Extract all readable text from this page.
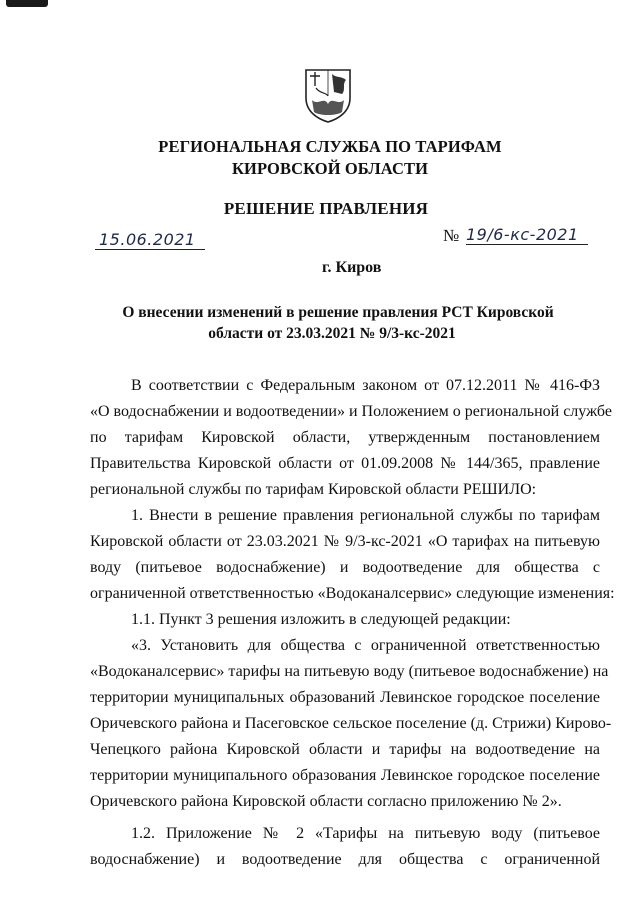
РЕГИОНАЛЬНАЯ СЛУЖБА ПО ТАРИФАМ
КИРОВСКОЙ ОБЛАСТИ
РЕШЕНИЕ ПРАВЛЕНИЯ
15.06.2021	№ 19/6-кс-2021
г. Киров
О внесении изменений в решение правления РСТ Кировской
области от 23.03.2021 № 9/3-кс-2021
В соответствии с Федеральным законом от 07.12.2011 № 416-ФЗ
«О водоснабжении и водоотведении» и Положением о региональной службе
по тарифам Кировской области, утвержденным постановлением
Правительства Кировской области от 01.09.2008 № 144/365, правление
региональной службы по тарифам Кировской области РЕШИЛО:
1. Внести в решение правления региональной службы по тарифам
Кировской области от 23.03.2021 № 9/3-кс-2021 «О тарифах на питьевую
воду (питьевое водоснабжение) и водоотведение для общества с
ограниченной ответственностью «Водоканалсервис» следующие изменения:
1.1. Пункт 3 решения изложить в следующей редакции:
«3. Установить для общества с ограниченной ответственностью
«Водоканалсервис» тарифы на питьевую воду (питьевое водоснабжение) на
территории муниципальных образований Левинское городское поселение
Оричевского района и Пасеговское сельское поселение (д. Стрижи) Кирово-
Чепецкого района Кировской области и тарифы на водоотведение на
территории муниципального образования Левинское городское поселение
Оричевского района Кировской области согласно приложению № 2».
1.2. Приложение № 2 «Тарифы на питьевую воду (питьевое
водоснабжение) и водоотведение для общества с ограниченной
